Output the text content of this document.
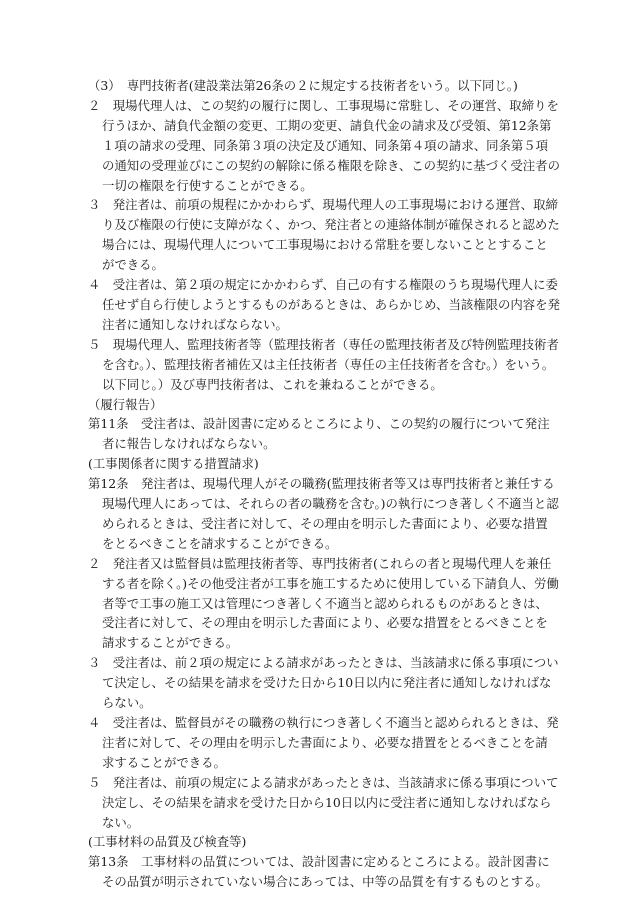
（3）　専門技術者(建設業法第26条の２に規定する技術者をいう。以下同じ。)

２　現場代理人は、この契約の履行に関し、工事現場に常駐し、その運営、取締りを行うほか、請負代金額の変更、工期の変更、請負代金の請求及び受領、第12条第１項の請求の受理、同条第３項の決定及び通知、同条第４項の請求、同条第５項の通知の受理並びにこの契約の解除に係る権限を除き、この契約に基づく受注者の一切の権限を行使することができる。

３　発注者は、前項の規程にかかわらず、現場代理人の工事現場における運営、取締り及び権限の行使に支障がなく、かつ、発注者との連絡体制が確保されると認めた場合には、現場代理人について工事現場における常駐を要しないこととすることができる。

４　受注者は、第２項の規定にかかわらず、自己の有する権限のうち現場代理人に委任せず自ら行使しようとするものがあるときは、あらかじめ、当該権限の内容を発注者に通知しなければならない。

５　現場代理人、監理技術者等（監理技術者（専任の監理技術者及び特例監理技術者を含む。）、監理技術者補佐又は主任技術者（専任の主任技術者を含む。）をいう。以下同じ。）及び専門技術者は、これを兼ねることができる。

（履行報告）

第11条　受注者は、設計図書に定めるところにより、この契約の履行について発注者に報告しなければならない。

(工事関係者に関する措置請求)

第12条　発注者は、現場代理人がその職務(監理技術者等又は専門技術者と兼任する現場代理人にあっては、それらの者の職務を含む。)の執行につき著しく不適当と認められるときは、受注者に対して、その理由を明示した書面により、必要な措置をとるべきことを請求することができる。

２　発注者又は監督員は監理技術者等、専門技術者(これらの者と現場代理人を兼任する者を除く。)その他受注者が工事を施工するために使用している下請負人、労働者等で工事の施工又は管理につき著しく不適当と認められるものがあるときは、受注者に対して、その理由を明示した書面により、必要な措置をとるべきことを請求することができる。

３　受注者は、前２項の規定による請求があったときは、当該請求に係る事項について決定し、その結果を請求を受けた日から10日以内に発注者に通知しなければならない。

４　受注者は、監督員がその職務の執行につき著しく不適当と認められるときは、発注者に対して、その理由を明示した書面により、必要な措置をとるべきことを請求することができる。

５　発注者は、前項の規定による請求があったときは、当該請求に係る事項について決定し、その結果を請求を受けた日から10日以内に受注者に通知しなければならない。

(工事材料の品質及び検査等)

第13条　工事材料の品質については、設計図書に定めるところによる。設計図書にその品質が明示されていない場合にあっては、中等の品質を有するものとする。
